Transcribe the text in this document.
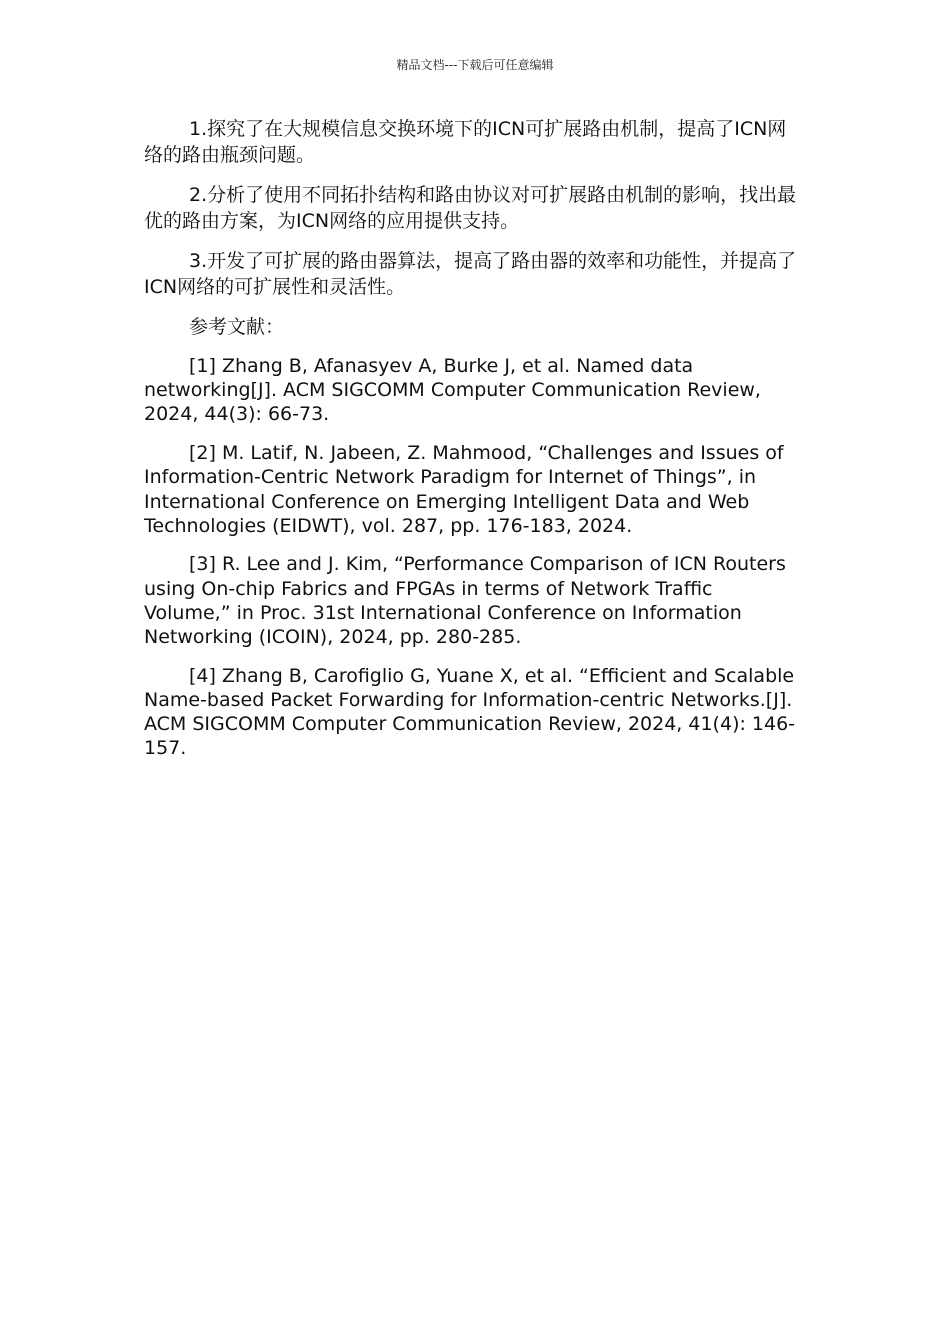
精品文档---下载后可任意编辑

1.探究了在大规模信息交换环境下的ICN可扩展路由机制，提高了ICN网络的路由瓶颈问题。

2.分析了使用不同拓扑结构和路由协议对可扩展路由机制的影响，找出最优的路由方案，为ICN网络的应用提供支持。

3.开发了可扩展的路由器算法，提高了路由器的效率和功能性，并提高了ICN网络的可扩展性和灵活性。

参考文献：

[1] Zhang B, Afanasyev A, Burke J, et al. Named data networking[J]. ACM SIGCOMM Computer Communication Review, 2024, 44(3): 66-73.

[2] M. Latif, N. Jabeen, Z. Mahmood, “Challenges and Issues of Information-Centric Network Paradigm for Internet of Things”, in International Conference on Emerging Intelligent Data and Web Technologies (EIDWT), vol. 287, pp. 176-183, 2024.

[3] R. Lee and J. Kim, “Performance Comparison of ICN Routers using On-chip Fabrics and FPGAs in terms of Network Traffic Volume,” in Proc. 31st International Conference on Information Networking (ICOIN), 2024, pp. 280-285.

[4] Zhang B, Carofiglio G, Yuane X, et al. “Efficient and Scalable Name-based Packet Forwarding for Information-centric Networks.[J]. ACM SIGCOMM Computer Communication Review, 2024, 41(4): 146-157.
